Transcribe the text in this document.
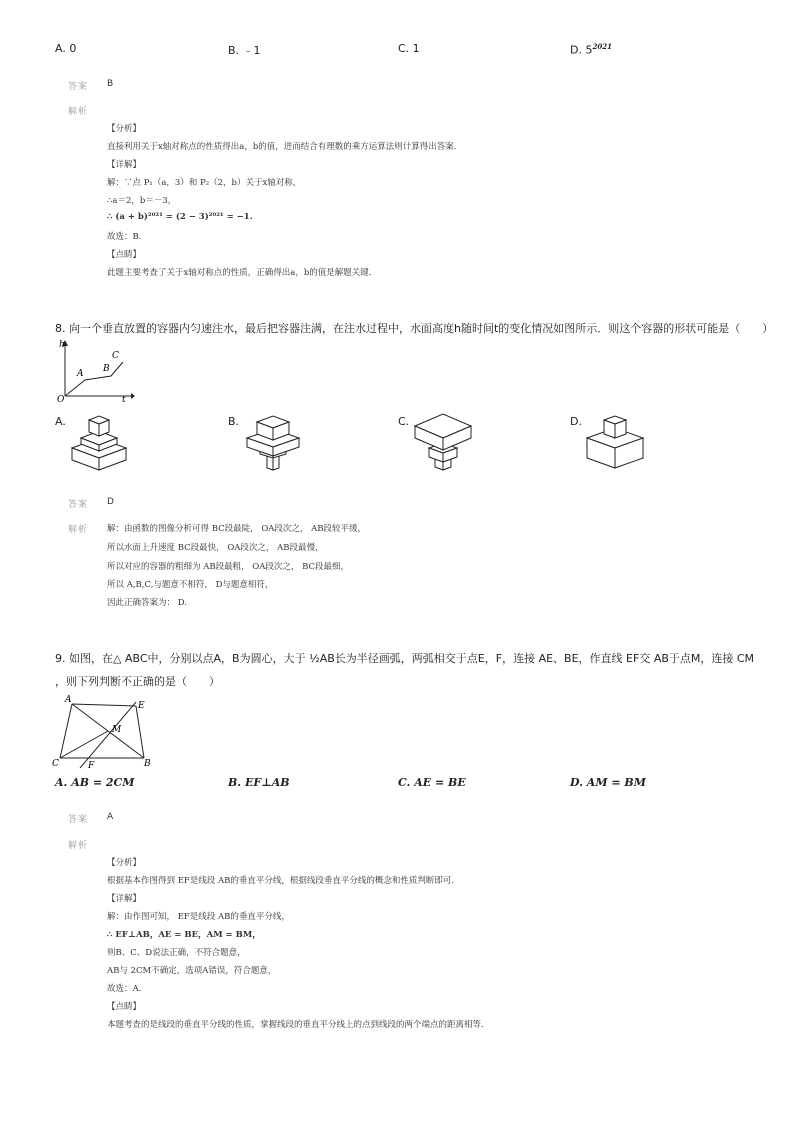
A. 0	B. ﹣1	C. 1	D. $5^{2021}$
答案 B
解析
【分析】
直接利用关于x轴对称点的性质得出a，b的值，进而结合有理数的乘方运算法则计算得出答案．
【详解】
解：∵点 P₁（a，3）和 P₂（2，b）关于x轴对称，
∴a＝2，b＝－3，
∴ (a + b)²⁰²¹ = (2 − 3)²⁰²¹ = −1.
故选：B．
【点睛】
此题主要考查了关于x轴对称点的性质，正确得出a，b的值是解题关键．
8. 向一个垂直放置的容器内匀速注水，最后把容器注满，在注水过程中，水面高度h随时间t的变化情况如图所示．则这个容器的形状可能是（　　）
h
C
B
A
O	t
A.	B.	C.	D.
答案 D
解析 解：由函数的图像分析可得 BC段最陡， OA段次之， AB段较平缓，
所以水面上升速度 BC段最快， OA段次之， AB段最慢，
所以对应的容器的粗细为 AB段最粗， OA段次之， BC段最细，
所以 A,B,C,与题意不相符， D与题意相符，
因此正确答案为： D.
9. 如图，在△ ABC中，分别以点A，B为圆心，大于 ½AB长为半径画弧，两弧相交于点E，F，连接 AE、BE，作直线 EF交 AB于点M，连接 CM
，则下列判断不正确的是（　　）
A
E
M
C	F	B
A. AB = 2CM	B. EF⊥AB	C. AE = BE	D. AM = BM
答案 A
解析
【分析】
根据基本作图得到 EF是线段 AB的垂直平分线，根据线段垂直平分线的概念和性质判断即可．
【详解】
解：由作图可知， EF是线段 AB的垂直平分线，
∴ EF⊥AB，AE = BE，AM = BM，
则B、C、D说法正确，不符合题意，
AB与 2CM不确定，选项A错误，符合题意，
故选：A．
【点睛】
本题考查的是线段的垂直平分线的性质，掌握线段的垂直平分线上的点到线段的两个端点的距离相等．
